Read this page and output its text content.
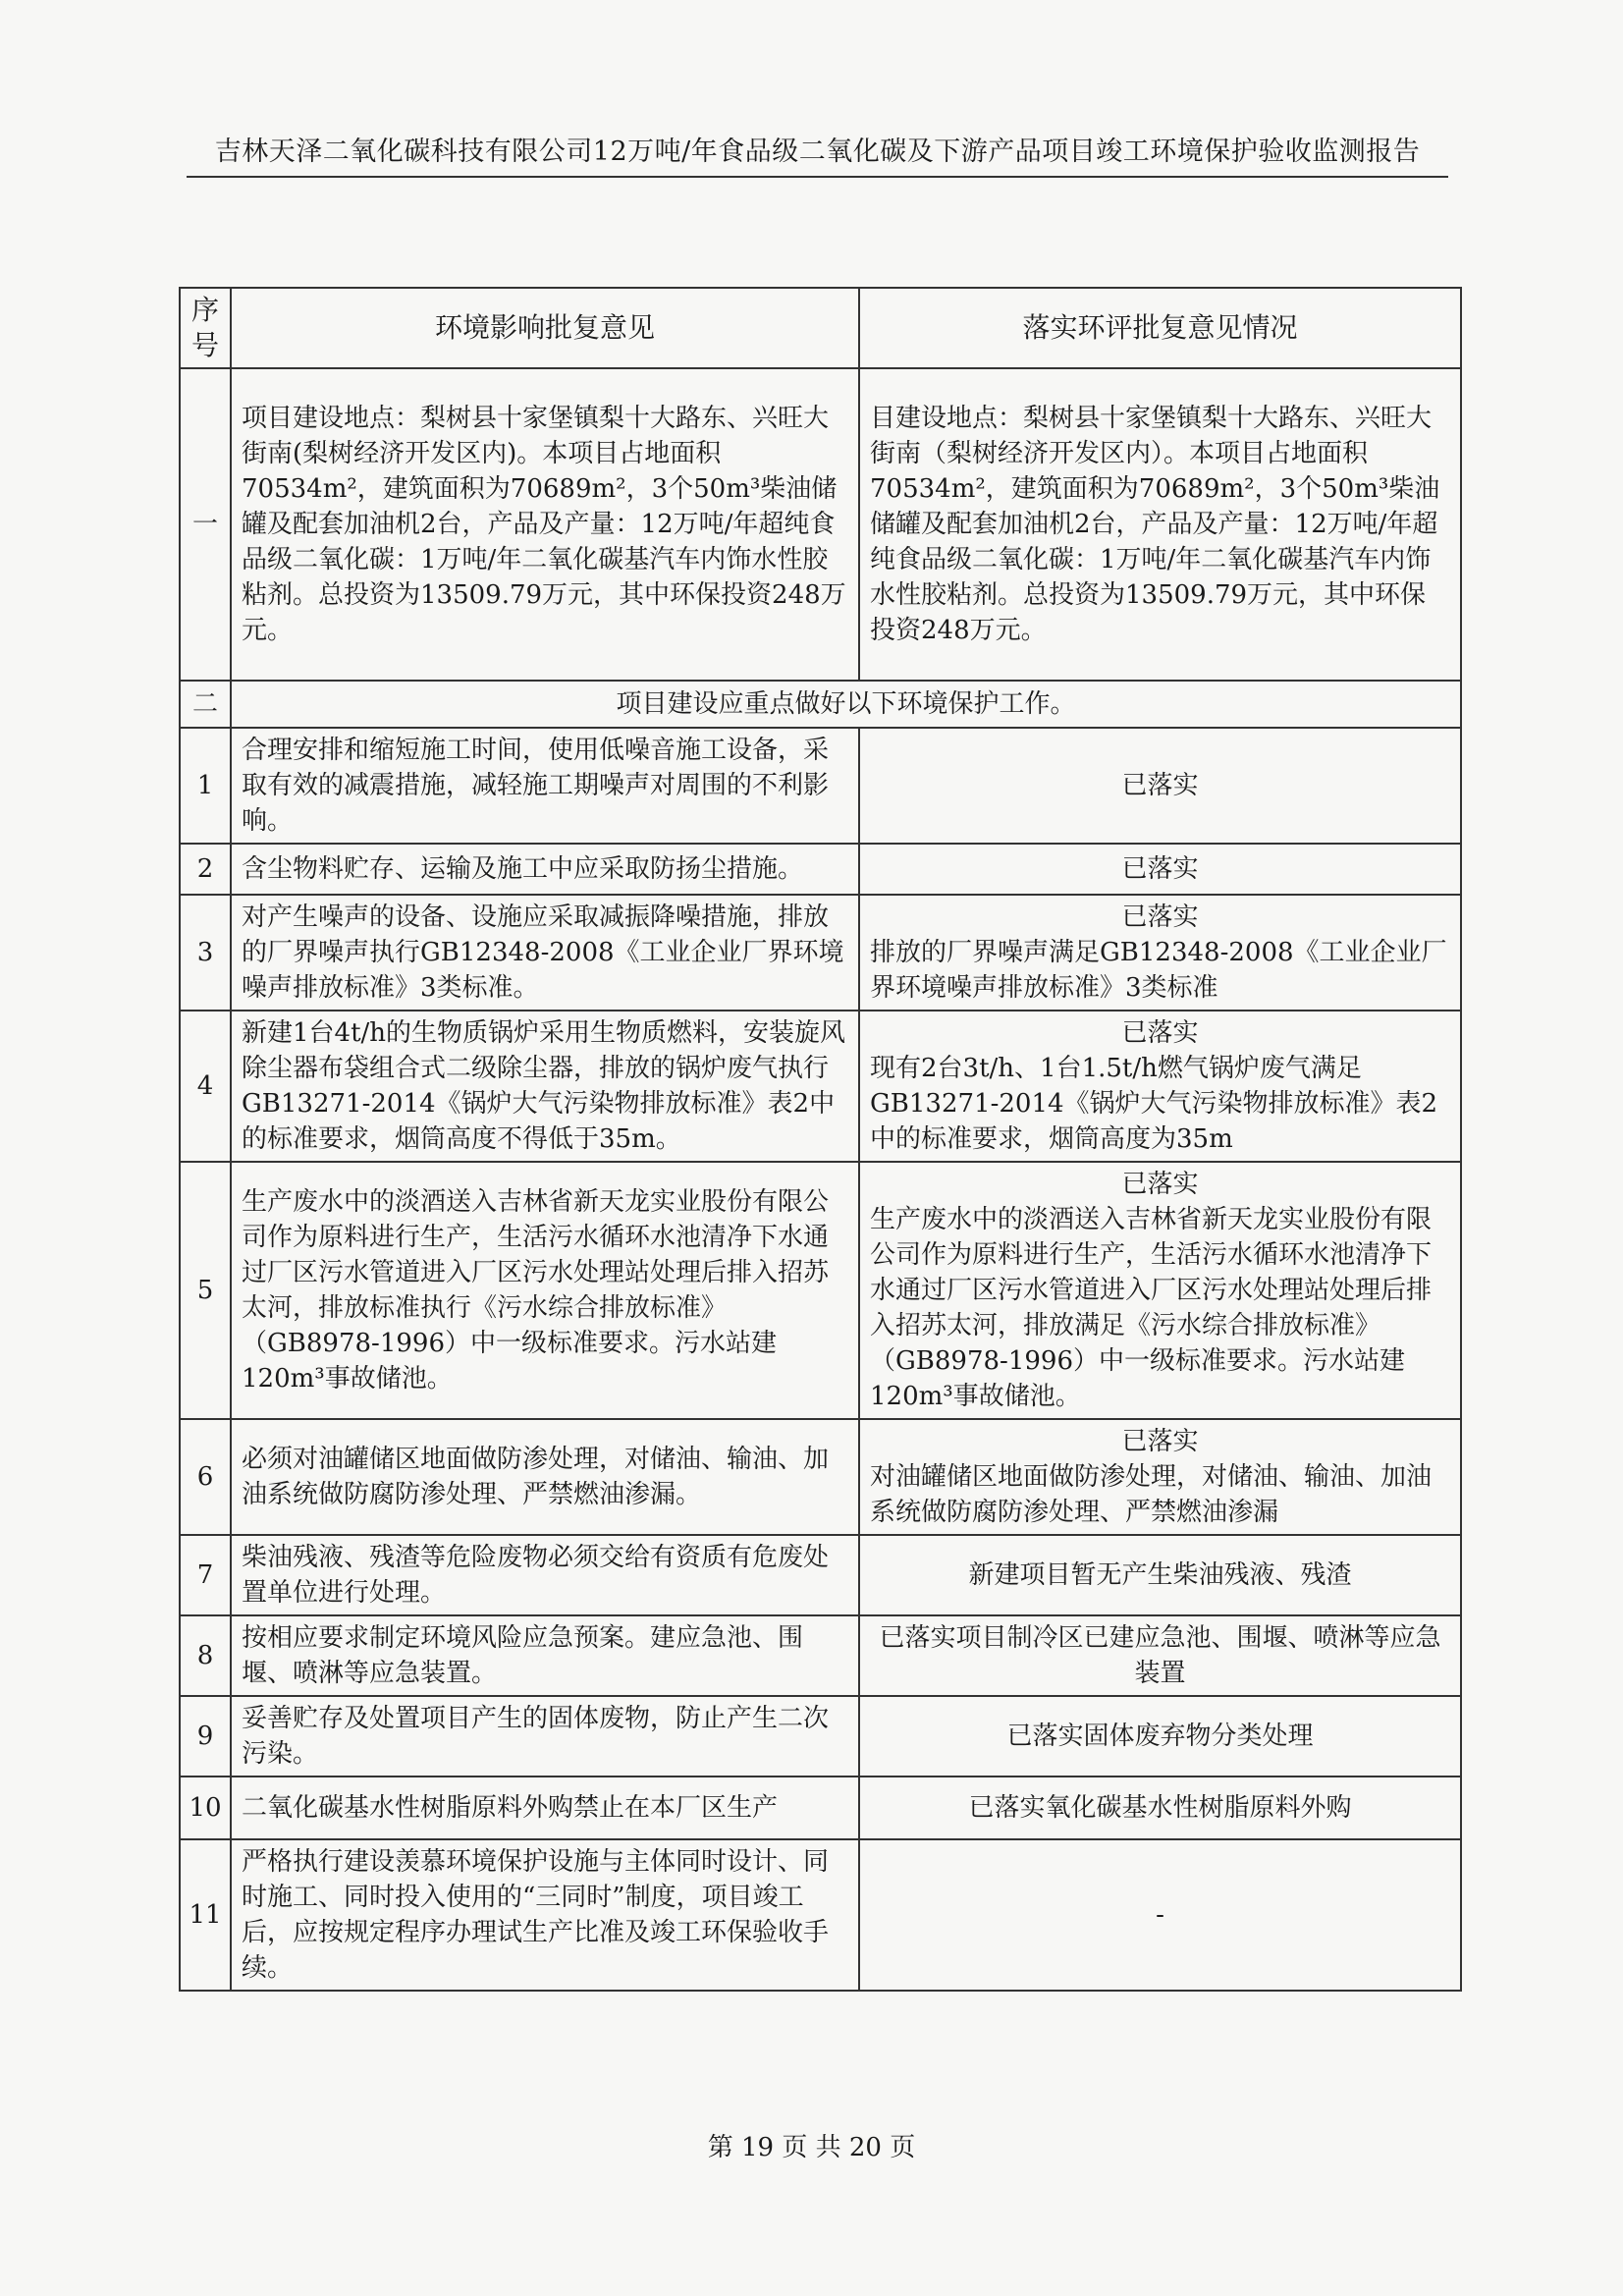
吉林天泽二氧化碳科技有限公司12万吨/年食品级二氧化碳及下游产品项目竣工环境保护验收监测报告
序号	环境影响批复意见	落实环评批复意见情况
一	项目建设地点：梨树县十家堡镇梨十大路东、兴旺大街南(梨树经济开发区内)。本项目占地面积70534m²，建筑面积为70689m²，3个50m³柴油储罐及配套加油机2台，产品及产量：12万吨/年超纯食品级二氧化碳：1万吨/年二氧化碳基汽车内饰水性胶粘剂。总投资为13509.79万元，其中环保投资248万元。	目建设地点：梨树县十家堡镇梨十大路东、兴旺大街南（梨树经济开发区内）。本项目占地面积70534m²，建筑面积为70689m²，3个50m³柴油储罐及配套加油机2台，产品及产量：12万吨/年超纯食品级二氧化碳：1万吨/年二氧化碳基汽车内饰水性胶粘剂。总投资为13509.79万元，其中环保投资248万元。
二	项目建设应重点做好以下环境保护工作。	
1	合理安排和缩短施工时间，使用低噪音施工设备，采取有效的减震措施，减轻施工期噪声对周围的不利影响。	已落实

2	含尘物料贮存、运输及施工中应采取防扬尘措施。	已落实

3	对产生噪声的设备、设施应采取减振降噪措施，排放的厂界噪声执行GB12348-2008《工业企业厂界环境噪声排放标准》3类标准。	已落实
排放的厂界噪声满足GB12348-2008《工业企业厂界环境噪声排放标准》3类标准

4	新建1台4t/h的生物质锅炉采用生物质燃料，安装旋风除尘器布袋组合式二级除尘器，排放的锅炉废气执行GB13271-2014《锅炉大气污染物排放标准》表2中的标准要求，烟筒高度不得低于35m。	已落实
现有2台3t/h、1台1.5t/h燃气锅炉废气满足GB13271-2014《锅炉大气污染物排放标准》表2中的标准要求，烟筒高度为35m

5	生产废水中的淡酒送入吉林省新天龙实业股份有限公司作为原料进行生产，生活污水循环水池清净下水通过厂区污水管道进入厂区污水处理站处理后排入招苏太河，排放标准执行《污水综合排放标准》（GB8978-1996）中一级标准要求。污水站建120m³事故储池。	已落实
生产废水中的淡酒送入吉林省新天龙实业股份有限公司作为原料进行生产，生活污水循环水池清净下水通过厂区污水管道进入厂区污水处理站处理后排入招苏太河，排放满足《污水综合排放标准》（GB8978-1996）中一级标准要求。污水站建120m³事故储池。

6	必须对油罐储区地面做防渗处理，对储油、输油、加油系统做防腐防渗处理、严禁燃油渗漏。	已落实
对油罐储区地面做防渗处理，对储油、输油、加油系统做防腐防渗处理、严禁燃油渗漏

7	柴油残液、残渣等危险废物必须交给有资质有危废处置单位进行处理。	新建项目暂无产生柴油残液、残渣

8	按相应要求制定环境风险应急预案。建应急池、围堰、喷淋等应急装置。	已落实项目制冷区已建应急池、围堰、喷淋等应急装置

9	妥善贮存及处置项目产生的固体废物，防止产生二次污染。	已落实固体废弃物分类处理

10	二氧化碳基水性树脂原料外购禁止在本厂区生产	已落实氧化碳基水性树脂原料外购

11	严格执行建设羡慕环境保护设施与主体同时设计、同时施工、同时投入使用的“三同时”制度，项目竣工后，应按规定程序办理试生产比准及竣工环保验收手续。	-
第 19 页 共 20 页
